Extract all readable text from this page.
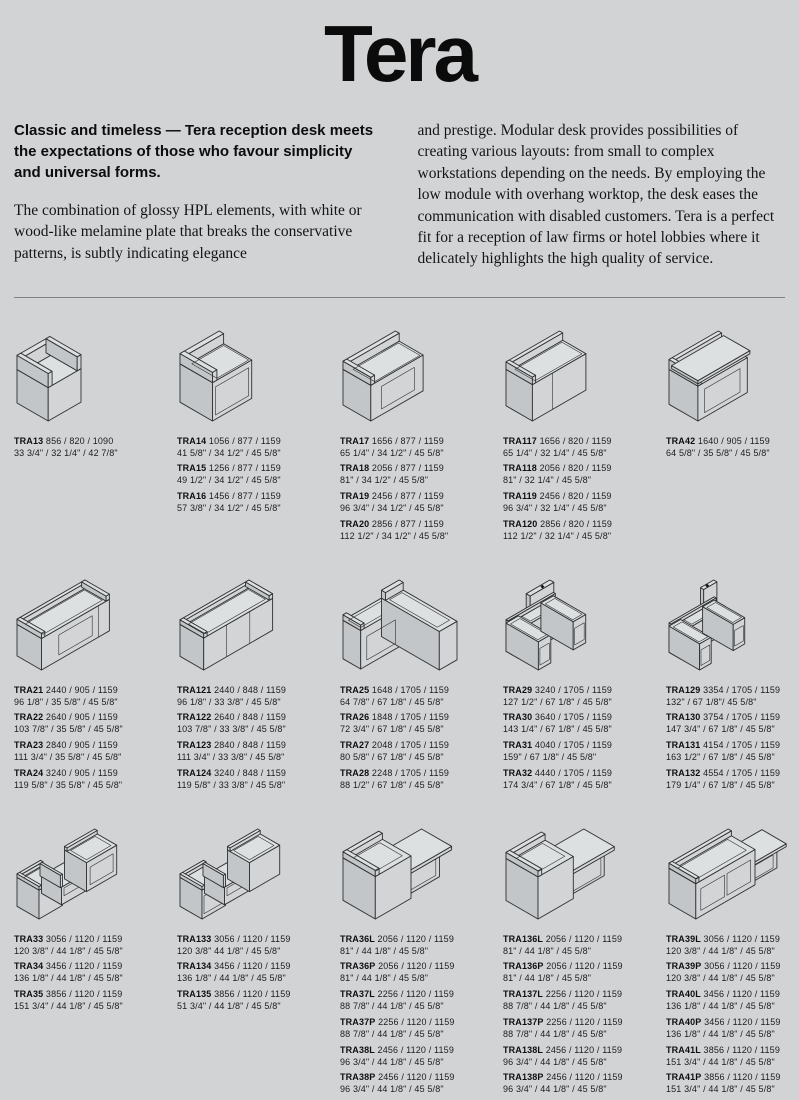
Tera

Classic and timeless — Tera reception desk meets the expectations of those who favour simplicity and universal forms.

The combination of glossy HPL elements, with white or wood-like melamine plate that breaks the conservative patterns, is subtly indicating elegance

and prestige. Modular desk provides possibilities of creating various layouts: from small to complex workstations depending on the needs. By employing the low module with overhang worktop, the desk eases the communication with disabled customers. Tera is a perfect fit for a reception of law firms or hotel lobbies where it delicately highlights the high quality of service.

TRA13 856 / 820 / 1090
33 3/4" / 32 1/4" / 42 7/8"
TRA14 1056 / 877 / 1159
41 5/8" / 34 1/2" / 45 5/8"
TRA15 1256 / 877 / 1159
49 1/2" / 34 1/2" / 45 5/8"
TRA16 1456 / 877 / 1159
57 3/8" / 34 1/2" / 45 5/8"
TRA17 1656 / 877 / 1159
65 1/4" / 34 1/2" / 45 5/8"
TRA18 2056 / 877 / 1159
81" / 34 1/2" / 45 5/8"
TRA19 2456 / 877 / 1159
96 3/4" / 34 1/2" / 45 5/8"
TRA20 2856 / 877 / 1159
112 1/2" / 34 1/2" / 45 5/8"
TRA117 1656 / 820 / 1159
65 1/4" / 32 1/4" / 45 5/8"
TRA118 2056 / 820 / 1159
81" / 32 1/4" / 45 5/8"
TRA119 2456 / 820 / 1159
96 3/4" / 32 1/4" / 45 5/8"
TRA120 2856 / 820 / 1159
112 1/2" / 32 1/4" / 45 5/8"
TRA42 1640 / 905 / 1159
64 5/8" / 35 5/8" / 45 5/8"
TRA21 2440 / 905 / 1159
96 1/8" / 35 5/8" / 45 5/8"
TRA22 2640 / 905 / 1159
103 7/8" / 35 5/8" / 45 5/8"
TRA23 2840 / 905 / 1159
111 3/4" / 35 5/8" / 45 5/8"
TRA24 3240 / 905 / 1159
119 5/8" / 35 5/8" / 45 5/8"
TRA121 2440 / 848 / 1159
96 1/8" / 33 3/8" / 45 5/8"
TRA122 2640 / 848 / 1159
103 7/8" / 33 3/8" / 45 5/8"
TRA123 2840 / 848 / 1159
111 3/4" / 33 3/8" / 45 5/8"
TRA124 3240 / 848 / 1159
119 5/8" / 33 3/8" / 45 5/8"
TRA25 1648 / 1705 / 1159
64 7/8" / 67 1/8" / 45 5/8"
TRA26 1848 / 1705 / 1159
72 3/4" / 67 1/8" / 45 5/8"
TRA27 2048 / 1705 / 1159
80 5/8" / 67 1/8" / 45 5/8"
TRA28 2248 / 1705 / 1159
88 1/2" / 67 1/8" / 45 5/8"
TRA29 3240 / 1705 / 1159
127 1/2" / 67 1/8" / 45 5/8"
TRA30 3640 / 1705 / 1159
143 1/4" / 67 1/8" / 45 5/8"
TRA31 4040 / 1705 / 1159
159" / 67 1/8" / 45 5/8"
TRA32 4440 / 1705 / 1159
174 3/4" / 67 1/8" / 45 5/8"
TRA129 3354 / 1705 / 1159
132" / 67 1/8"/ 45 5/8"
TRA130 3754 / 1705 / 1159
147 3/4" / 67 1/8" / 45 5/8"
TRA131 4154 / 1705 / 1159
163 1/2" / 67 1/8" / 45 5/8"
TRA132 4554 / 1705 / 1159
179 1/4" / 67 1/8" / 45 5/8"
TRA33 3056 / 1120 / 1159
120 3/8" / 44 1/8" / 45 5/8"
TRA34 3456 / 1120 / 1159
136 1/8" / 44 1/8" / 45 5/8"
TRA35 3856 / 1120 / 1159
151 3/4" / 44 1/8" / 45 5/8"
TRA133 3056 / 1120 / 1159
120 3/8" 44 1/8" / 45 5/8"
TRA134 3456 / 1120 / 1159
136 1/8" / 44 1/8" / 45 5/8"
TRA135 3856 / 1120 / 1159
51 3/4" / 44 1/8" / 45 5/8"
TRA36L 2056 / 1120 / 1159
81" / 44 1/8" / 45 5/8"
TRA36P 2056 / 1120 / 1159
81" / 44 1/8" / 45 5/8"
TRA37L 2256 / 1120 / 1159
88 7/8" / 44 1/8" / 45 5/8"
TRA37P 2256 / 1120 / 1159
88 7/8" / 44 1/8" / 45 5/8"
TRA38L 2456 / 1120 / 1159
96 3/4" / 44 1/8" / 45 5/8"
TRA38P 2456 / 1120 / 1159
96 3/4" / 44 1/8" / 45 5/8"
TRA136L 2056 / 1120 / 1159
81" / 44 1/8" / 45 5/8"
TRA136P 2056 / 1120 / 1159
81" / 44 1/8" / 45 5/8"
TRA137L 2256 / 1120 / 1159
88 7/8" / 44 1/8" / 45 5/8"
TRA137P 2256 / 1120 / 1159
88 7/8" / 44 1/8" / 45 5/8"
TRA138L 2456 / 1120 / 1159
96 3/4" / 44 1/8" / 45 5/8"
TRA138P 2456 / 1120 / 1159
96 3/4" / 44 1/8" / 45 5/8"
TRA39L 3056 / 1120 / 1159
120 3/8" / 44 1/8" / 45 5/8"
TRA39P 3056 / 1120 / 1159
120 3/8" / 44 1/8" / 45 5/8"
TRA40L 3456 / 1120 / 1159
136 1/8" / 44 1/8" / 45 5/8"
TRA40P 3456 / 1120 / 1159
136 1/8" / 44 1/8" / 45 5/8"
TRA41L 3856 / 1120 / 1159
151 3/4" / 44 1/8" / 45 5/8"
TRA41P 3856 / 1120 / 1159
151 3/4" / 44 1/8" / 45 5/8"
